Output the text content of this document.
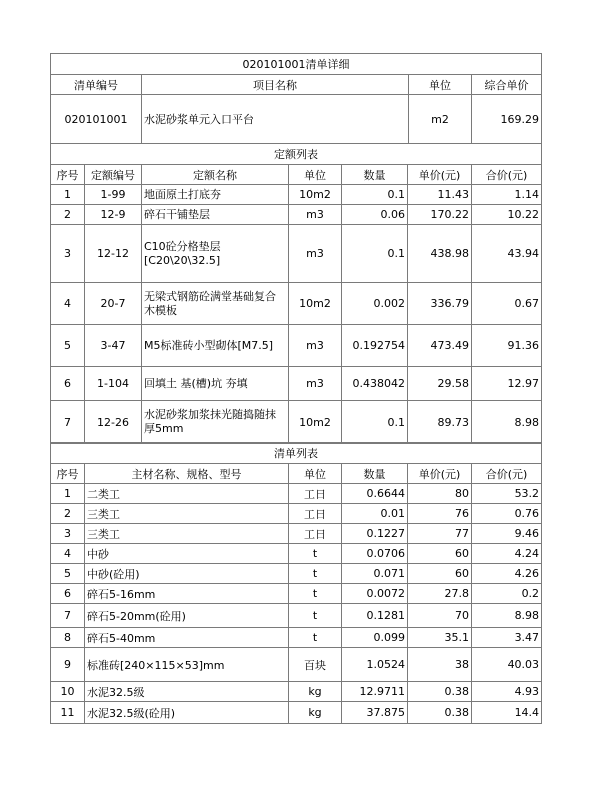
020101001清单详细			
清单编号	项目名称	单位	综合单价
020101001	水泥砂浆单元入口平台	m2	169.29
定额列表						
序号	定额编号	定额名称	单位	数量	单价(元)	合价(元)
1	1-99	地面原土打底夯	10m2	0.1	11.43	1.14
2	12-9	碎石干铺垫层	m3	0.06	170.22	10.22
3	12-12	C10砼分格垫层[C20\20\32.5]	m3	0.1	438.98	43.94
4	20-7	无梁式钢筋砼满堂基础复合木模板	10m2	0.002	336.79	0.67
5	3-47	M5标准砖小型砌体[M7.5]	m3	0.192754	473.49	91.36
6	1-104	回填土 基(槽)坑 夯填	m3	0.438042	29.58	12.97
7	12-26	水泥砂浆加浆抹光随捣随抹厚5mm	10m2	0.1	89.73	8.98
清单列表					
序号	主材名称、规格、型号	单位	数量	单价(元)	合价(元)
1	二类工	工日	0.6644	80	53.2
2	三类工	工日	0.01	76	0.76
3	三类工	工日	0.1227	77	9.46
4	中砂	t	0.0706	60	4.24
5	中砂(砼用)	t	0.071	60	4.26
6	碎石5-16mm	t	0.0072	27.8	0.2
7	碎石5-20mm(砼用)	t	0.1281	70	8.98
8	碎石5-40mm	t	0.099	35.1	3.47
9	标准砖[240×115×53]mm	百块	1.0524	38	40.03
10	水泥32.5级	kg	12.9711	0.38	4.93
11	水泥32.5级(砼用)	kg	37.875	0.38	14.4
